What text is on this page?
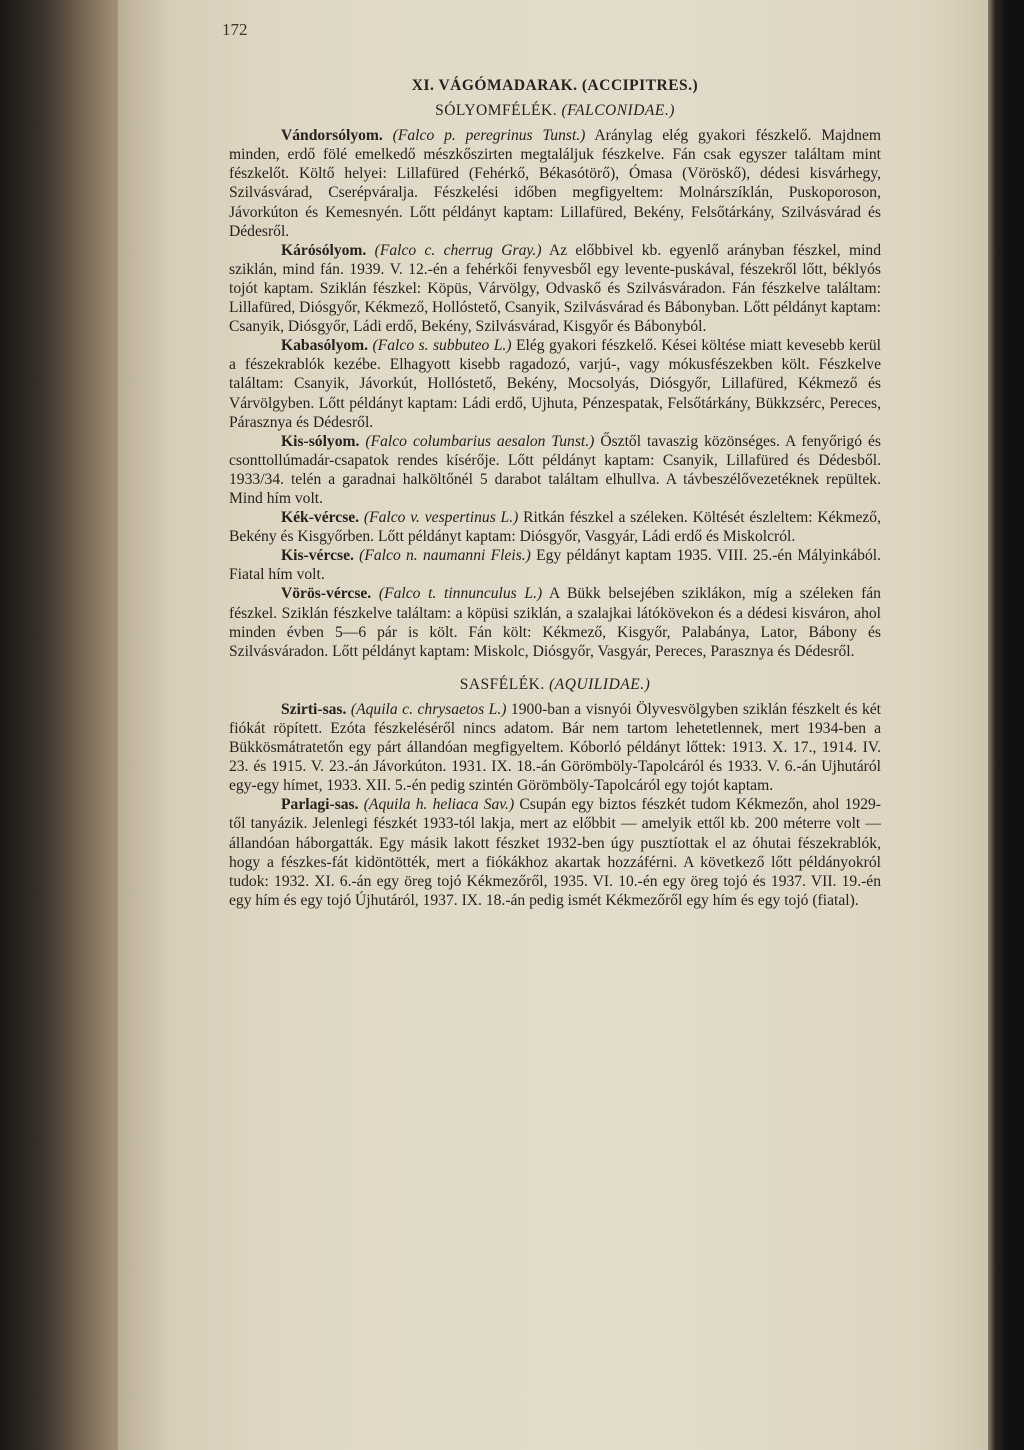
172
XI. VÁGÓMADARAK. (ACCIPITRES.)
SÓLYOMFÉLÉK. (FALCONIDAE.)

Vándorsólyom. (Falco p. peregrinus Tunst.) Aránylag elég gyakori fészkelő. Majdnem minden, erdő fölé emelkedő mészkőszirten megtaláljuk fészkelve. Fán csak egyszer találtam mint fészkelőt. Költő helyei: Lillafüred (Fehérkő, Békasótörő), Ómasa (Vöröskő), dédesi kisvárhegy, Szilvásvárad, Cserépváralja. Fészkelési időben megfigyeltem: Molnárszíklán, Puskoporoson, Jávorkúton és Kemesnyén. Lőtt példányt kaptam: Lillafüred, Bekény, Felsőtárkány, Szilvásvárad és Dédesről.

Kárósólyom. (Falco c. cherrug Gray.) Az előbbivel kb. egyenlő arányban fészkel, mind sziklán, mind fán. 1939. V. 12.-én a fehérkői fenyvesből egy levente-puskával, fészekről lőtt, béklyós tojót kaptam. Sziklán fészkel: Köpüs, Várvölgy, Odvaskő és Szilvásváradon. Fán fészkelve találtam: Lillafüred, Diósgyőr, Kékmező, Hollóstető, Csanyik, Szilvásvárad és Bábonyban. Lőtt példányt kaptam: Csanyik, Diósgyőr, Ládi erdő, Bekény, Szilvásvárad, Kisgyőr és Bábonyból.

Kabasólyom. (Falco s. subbuteo L.) Elég gyakori fészkelő. Kései költése miatt kevesebb kerül a fészekrablók kezébe. Elhagyott kisebb ragadozó, varjú-, vagy mókusfészekben költ. Fészkelve találtam: Csanyik, Jávorkút, Hollóstető, Bekény, Mocsolyás, Diósgyőr, Lillafüred, Kékmező és Várvölgyben. Lőtt példányt kaptam: Ládi erdő, Ujhuta, Pénzespatak, Felsőtárkány, Bükkzsérc, Pereces, Párasznya és Dédesről.

Kis-sólyom. (Falco columbarius aesalon Tunst.) Ősztől tavaszig közönséges. A fenyőrigó és csonttollúmadár-csapatok rendes kísérője. Lőtt példányt kaptam: Csanyik, Lillafüred és Dédesből. 1933/34. telén a garadnai halköltőnél 5 darabot találtam elhullva. A távbeszélővezetéknek repültek. Mind hím volt.

Kék-vércse. (Falco v. vespertinus L.) Ritkán fészkel a széleken. Költését észleltem: Kékmező, Bekény és Kisgyőrben. Lőtt példányt kaptam: Diósgyőr, Vasgyár, Ládi erdő és Miskolcról.

Kis-vércse. (Falco n. naumanni Fleis.) Egy példányt kaptam 1935. VIII. 25.-én Mályinkából. Fiatal hím volt.

Vörös-vércse. (Falco t. tinnunculus L.) A Bükk belsejében sziklákon, míg a széleken fán fészkel. Sziklán fészkelve találtam: a köpüsi sziklán, a szalajkai látókövekon és a dédesi kisváron, ahol minden évben 5—6 pár is költ. Fán költ: Kékmező, Kisgyőr, Palabánya, Lator, Bábony és Szilvásváradon. Lőtt példányt kaptam: Miskolc, Diósgyőr, Vasgyár, Pereces, Parasznya és Dédesről.

SASFÉLÉK. (AQUILIDAE.)

Szirti-sas. (Aquila c. chrysaetos L.) 1900-ban a visnyói Ölyvesvölgyben sziklán fészkelt és két fiókát röpített. Ezóta fészkeléséről nincs adatom. Bár nem tartom lehetetlennek, mert 1934-ben a Bükkösmátratetőn egy párt állandóan megfigyeltem. Kóborló példányt lőttek: 1913. X. 17., 1914. IV. 23. és 1915. V. 23.-án Jávorkúton. 1931. IX. 18.-án Görömböly-Tapolcáról és 1933. V. 6.-án Ujhutáról egy-egy hímet, 1933. XII. 5.-én pedig szintén Görömböly-Tapolcáról egy tojót kaptam.

Parlagi-sas. (Aquila h. heliaca Sav.) Csupán egy biztos fészkét tudom Kékmezőn, ahol 1929-től tanyázik. Jelenlegi fészkét 1933-tól lakja, mert az előbbit — amelyik ettől kb. 200 méterre volt — állandóan háborgatták. Egy másik lakott fészket 1932-ben úgy pusztíottak el az óhutai fészekrablók, hogy a fészkes-fát kidöntötték, mert a fiókákhoz akartak hozzáférni. A következő lőtt példányokról tudok: 1932. XI. 6.-án egy öreg tojó Kékmezőről, 1935. VI. 10.-én egy öreg tojó és 1937. VII. 19.-én egy hím és egy tojó Újhutáról, 1937. IX. 18.-án pedig ismét Kékmezőről egy hím és egy tojó (fiatal).
